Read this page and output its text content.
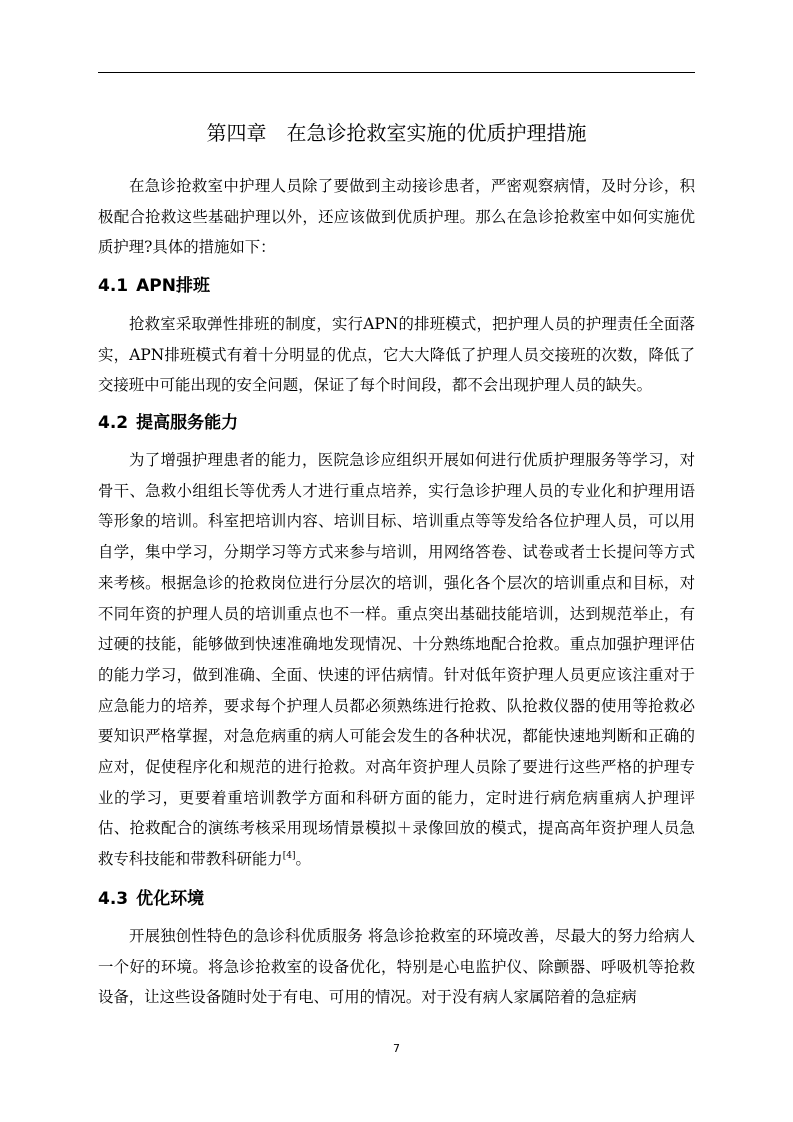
第四章　在急诊抢救室实施的优质护理措施

在急诊抢救室中护理人员除了要做到主动接诊患者，严密观察病情，及时分诊，积极配合抢救这些基础护理以外，还应该做到优质护理。那么在急诊抢救室中如何实施优质护理?具体的措施如下：

4.1 APN排班

抢救室采取弹性排班的制度，实行APN的排班模式，把护理人员的护理责任全面落实，APN排班模式有着十分明显的优点，它大大降低了护理人员交接班的次数，降低了交接班中可能出现的安全问题，保证了每个时间段，都不会出现护理人员的缺失。

4.2 提高服务能力

为了增强护理患者的能力，医院急诊应组织开展如何进行优质护理服务等学习，对骨干、急救小组组长等优秀人才进行重点培养，实行急诊护理人员的专业化和护理用语等形象的培训。科室把培训内容、培训目标、培训重点等等发给各位护理人员，可以用自学，集中学习，分期学习等方式来参与培训，用网络答卷、试卷或者士长提问等方式来考核。根据急诊的抢救岗位进行分层次的培训，强化各个层次的培训重点和目标，对不同年资的护理人员的培训重点也不一样。重点突出基础技能培训，达到规范举止，有过硬的技能，能够做到快速准确地发现情况、十分熟练地配合抢救。重点加强护理评估的能力学习，做到准确、全面、快速的评估病情。针对低年资护理人员更应该注重对于应急能力的培养，要求每个护理人员都必须熟练进行抢救、队抢救仪器的使用等抢救必要知识严格掌握，对急危病重的病人可能会发生的各种状况，都能快速地判断和正确的应对，促使程序化和规范的进行抢救。对高年资护理人员除了要进行这些严格的护理专业的学习，更要着重培训教学方面和科研方面的能力，定时进行病危病重病人护理评估、抢救配合的演练考核采用现场情景模拟＋录像回放的模式，提高高年资护理人员急救专科技能和带教科研能力[4]。

4.3 优化环境

开展独创性特色的急诊科优质服务 将急诊抢救室的环境改善，尽最大的努力给病人一个好的环境。将急诊抢救室的设备优化，特别是心电监护仪、除颤器、呼吸机等抢救设备，让这些设备随时处于有电、可用的情况。对于没有病人家属陪着的急症病

7
